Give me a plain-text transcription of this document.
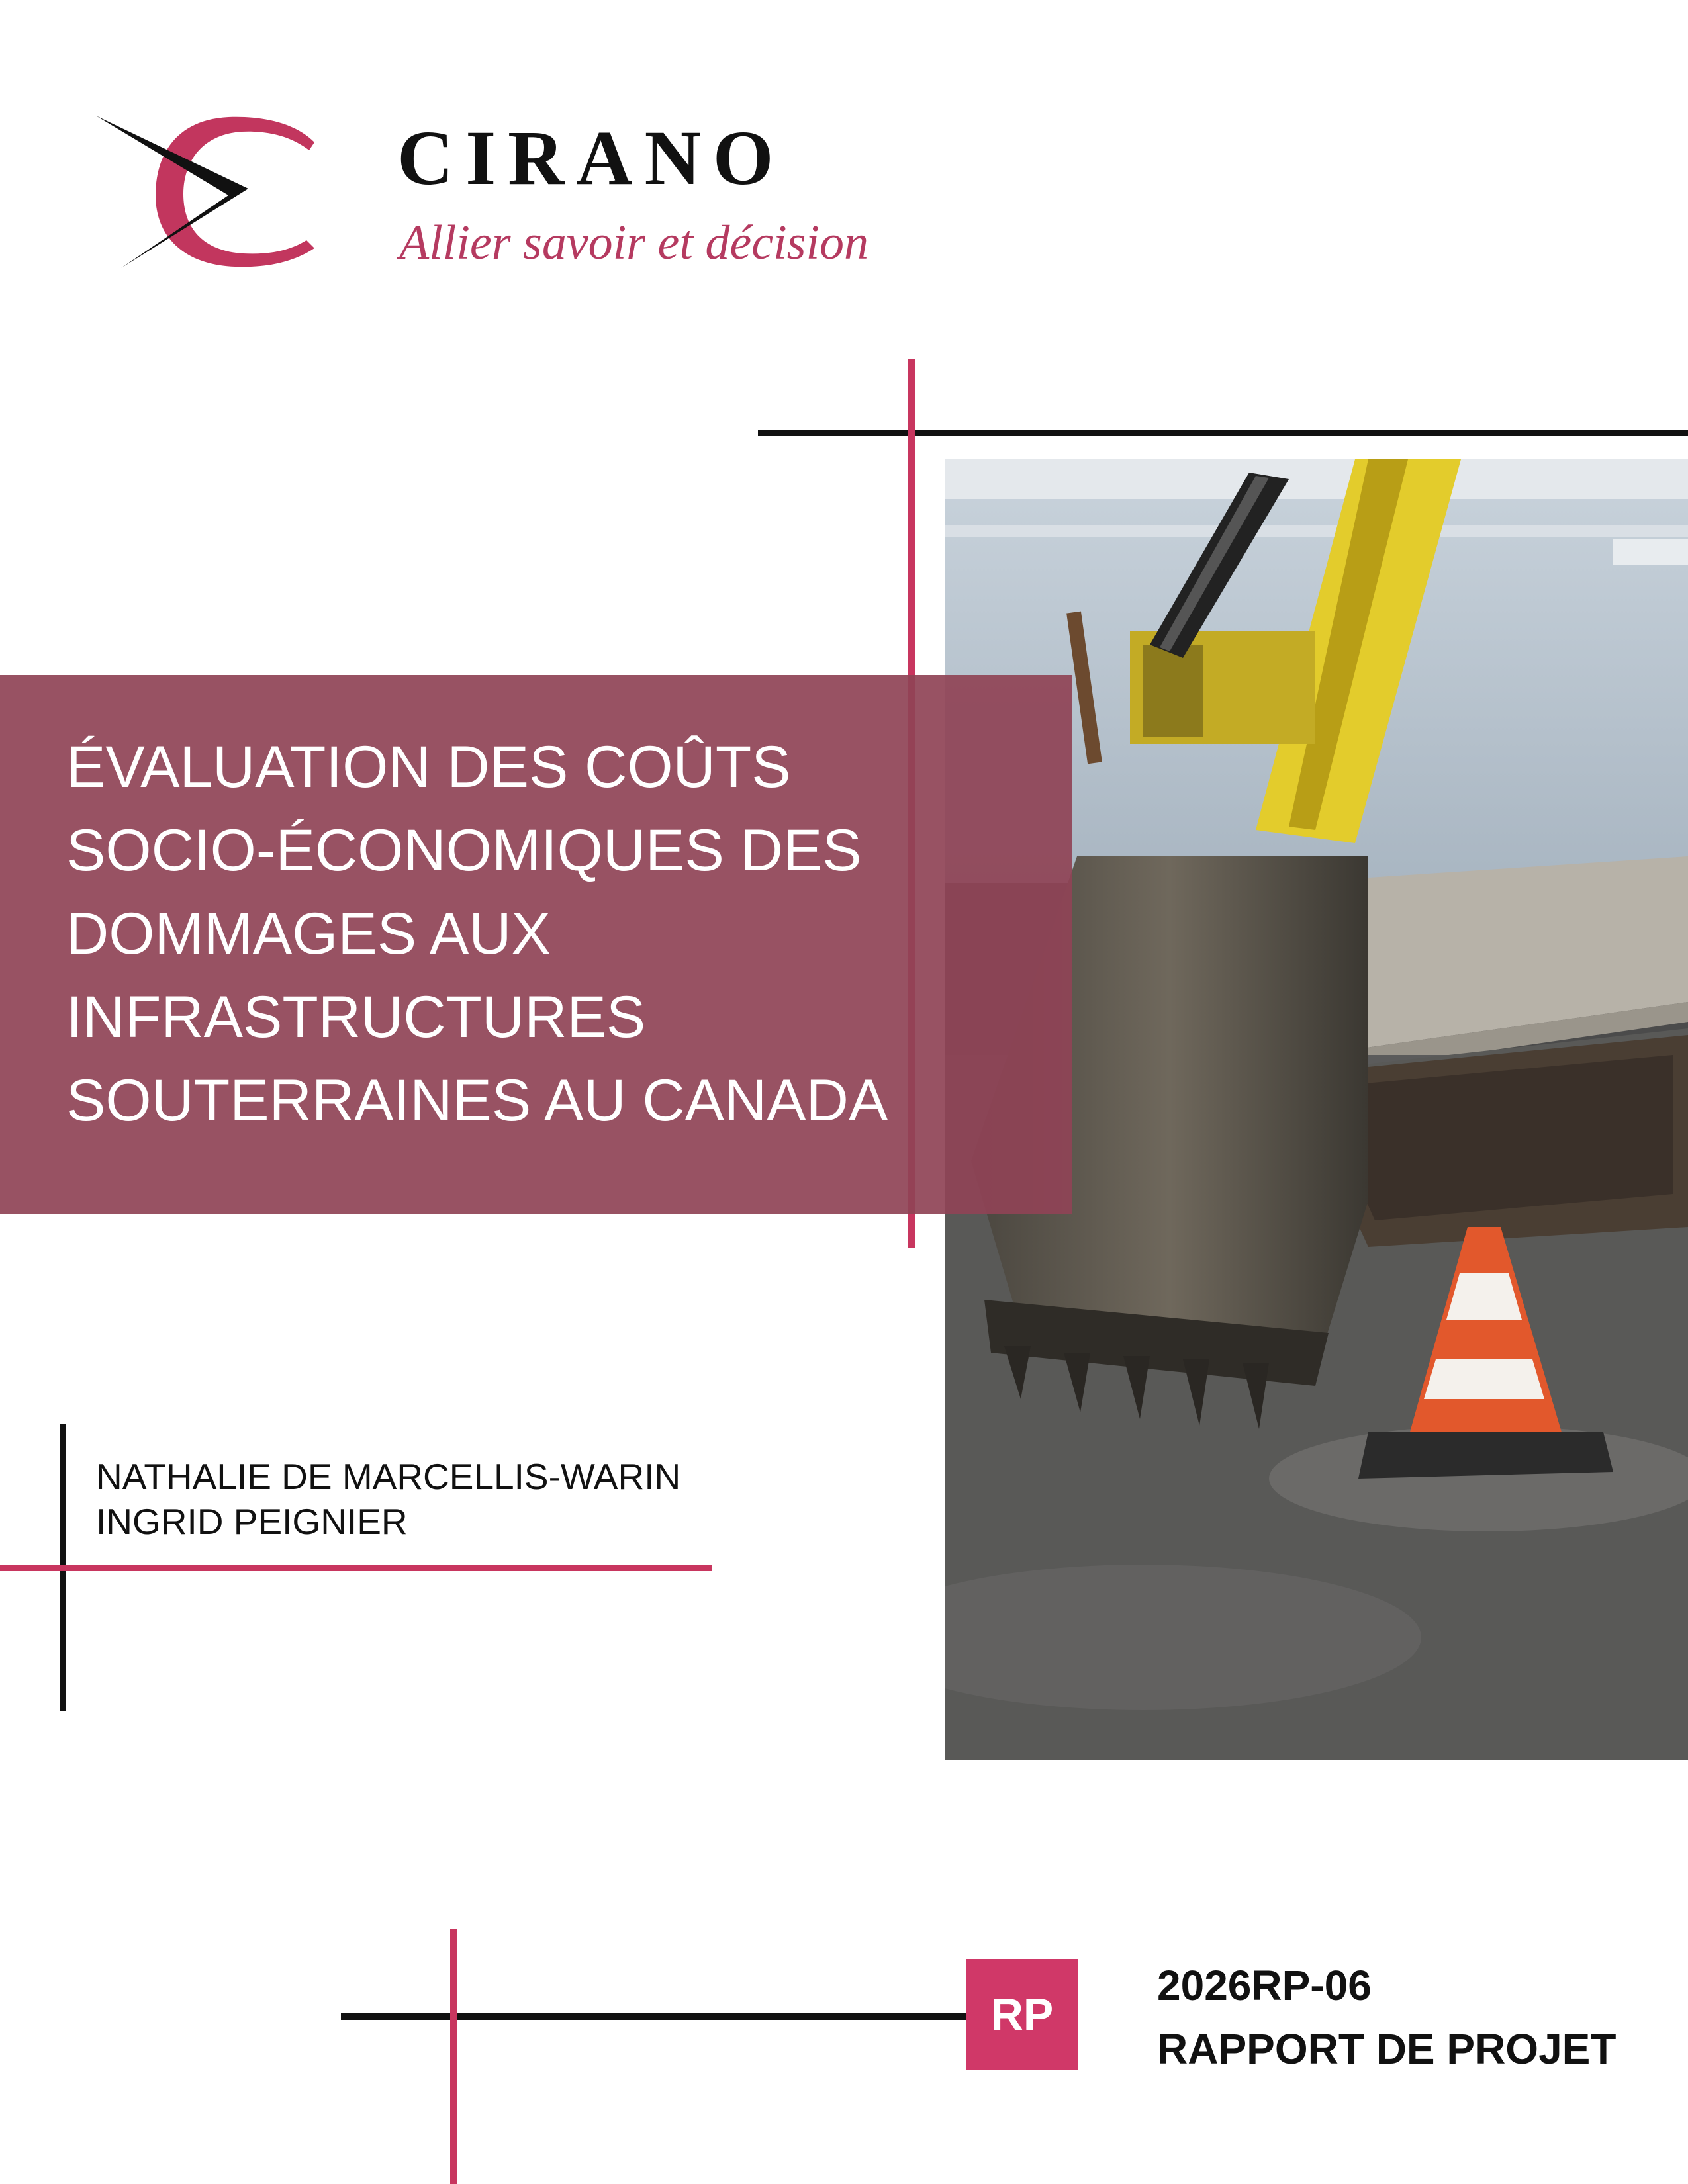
CIRANO
Allier savoir et décision
ÉVALUATION DES COÛTS
SOCIO-ÉCONOMIQUES DES
DOMMAGES AUX
INFRASTRUCTURES
SOUTERRAINES AU CANADA

NATHALIE DE MARCELLIS-WARIN

INGRID PEIGNIER

RP
2026RP-06
RAPPORT DE PROJET
